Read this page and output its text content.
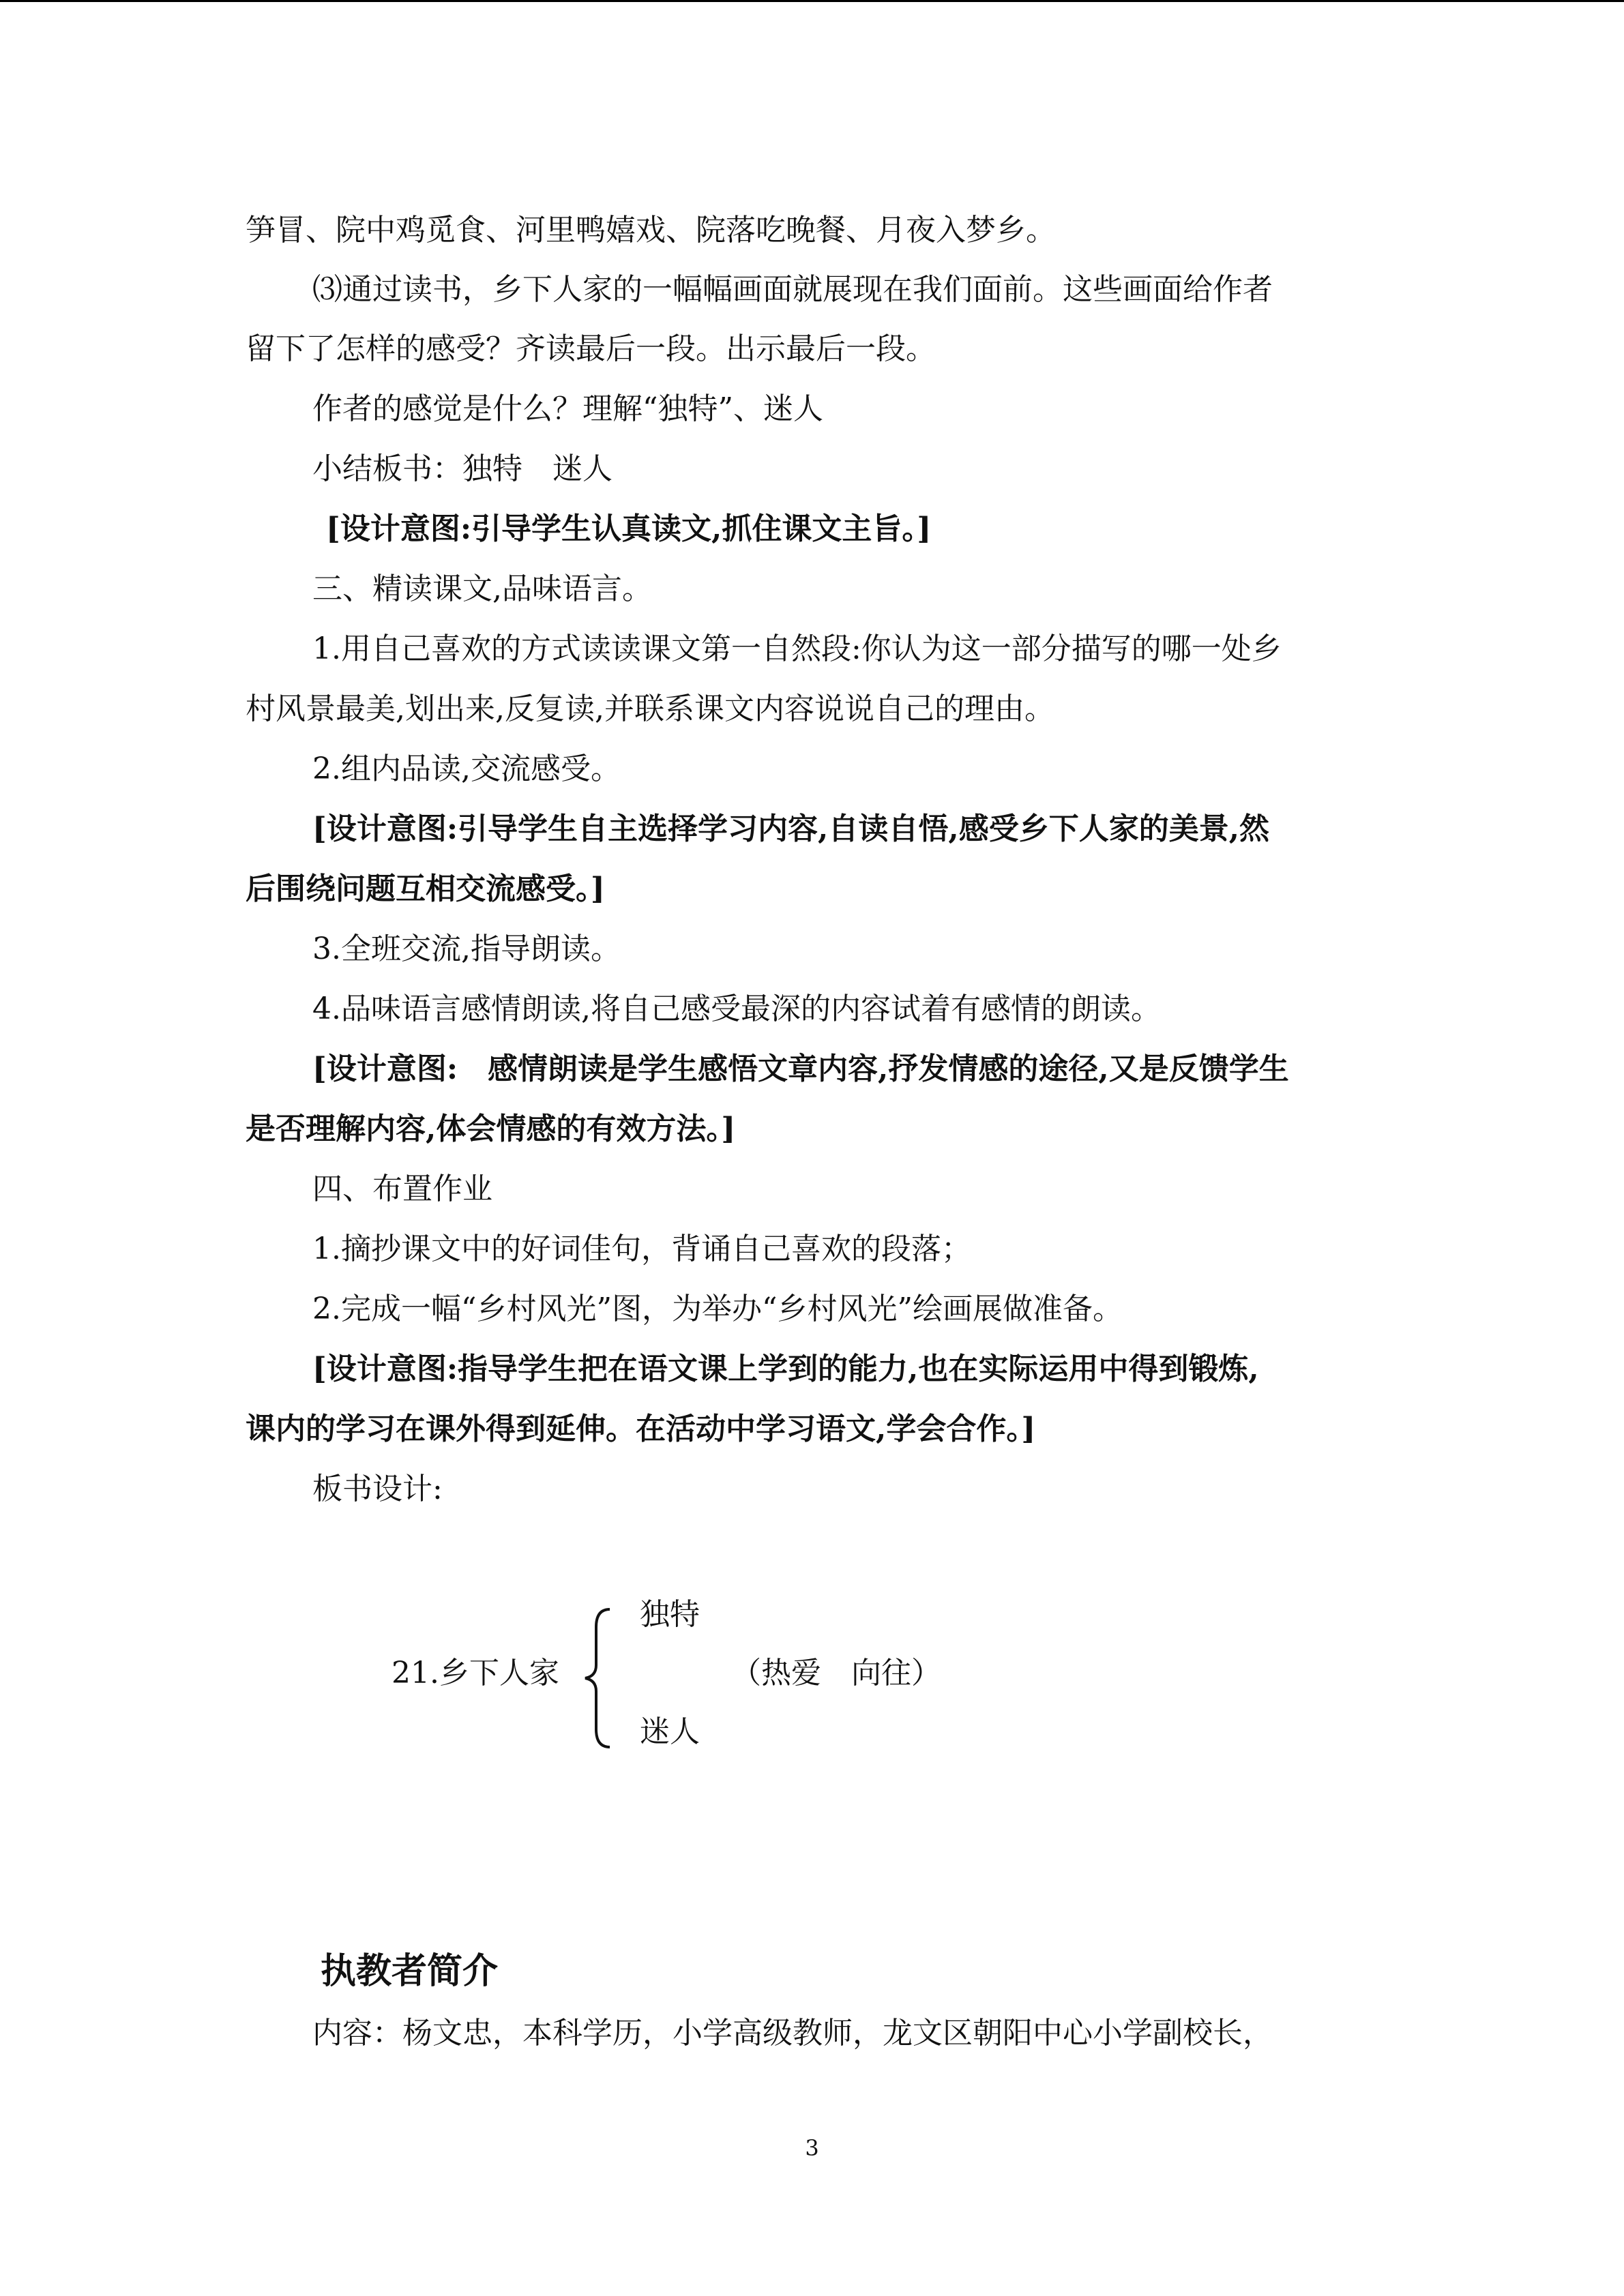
笋冒、院中鸡觅食、河里鸭嬉戏、院落吃晚餐、月夜入梦乡。
⑶通过读书，乡下人家的一幅幅画面就展现在我们面前。这些画面给作者
留下了怎样的感受？齐读最后一段。出示最后一段。
作者的感觉是什么？理解“独特”、迷人
小结板书：独特　迷人
[设计意图:引导学生认真读文,抓住课文主旨。]
三、精读课文,品味语言。
1.用自己喜欢的方式读读课文第一自然段:你认为这一部分描写的哪一处乡
村风景最美,划出来,反复读,并联系课文内容说说自己的理由。
2.组内品读,交流感受。
[设计意图:引导学生自主选择学习内容,自读自悟,感受乡下人家的美景,然
后围绕问题互相交流感受。]
3.全班交流,指导朗读。
4.品味语言感情朗读,将自己感受最深的内容试着有感情的朗读。
[设计意图:　感情朗读是学生感悟文章内容,抒发情感的途径,又是反馈学生
是否理解内容,体会情感的有效方法。]
四、布置作业
1.摘抄课文中的好词佳句，背诵自己喜欢的段落；
2.完成一幅“乡村风光”图，为举办“乡村风光”绘画展做准备。
[设计意图:指导学生把在语文课上学到的能力,也在实际运用中得到锻炼,
课内的学习在课外得到延伸。在活动中学习语文,学会合作。]
板书设计:
21.乡下人家
独特
（热爱　向往）
迷人
执教者简介
内容：杨文忠，本科学历，小学高级教师，龙文区朝阳中心小学副校长，
3
